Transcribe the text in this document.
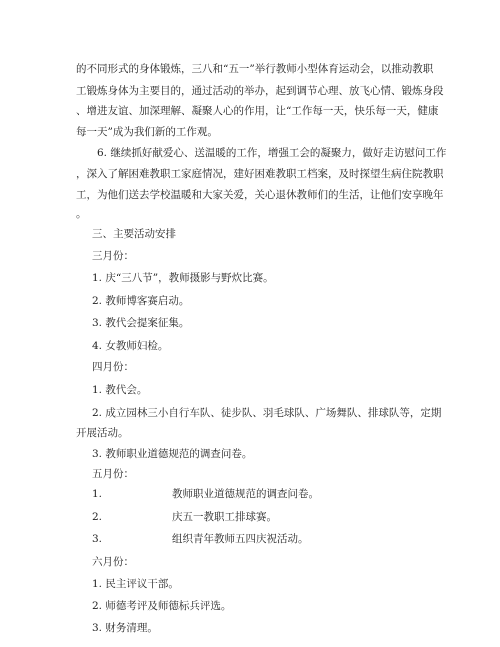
的不同形式的身体锻炼，三八和“五一”举行教师小型体育运动会，以推动教职
工锻炼身体为主要目的，通过活动的举办，起到调节心理、放飞心情、锻炼身段
、增进友谊、加深理解、凝聚人心的作用，让“工作每一天，快乐每一天，健康
每一天”成为我们新的工作观。
6. 继续抓好献爱心、送温暖的工作，增强工会的凝聚力，做好走访慰问工作
，深入了解困难教职工家庭情况，建好困难教职工档案，及时探望生病住院教职
工，为他们送去学校温暖和大家关爱，关心退休教师们的生活，让他们安享晚年
。
三、主要活动安排
三月份：
1. 庆“三八节”，教师摄影与野炊比赛。
2. 教师博客赛启动。
3. 教代会提案征集。
4. 女教师妇检。
四月份：
1. 教代会。
2. 成立园林三小自行车队、徒步队、羽毛球队、广场舞队、排球队等，定期
开展活动。
3. 教师职业道德规范的调查问卷。
五月份：
1.	教师职业道德规范的调查问卷。
2.	庆五一教职工排球赛。
3.	组织青年教师五四庆祝活动。
六月份：
1. 民主评议干部。
2. 师德考评及师德标兵评选。
3. 财务清理。
